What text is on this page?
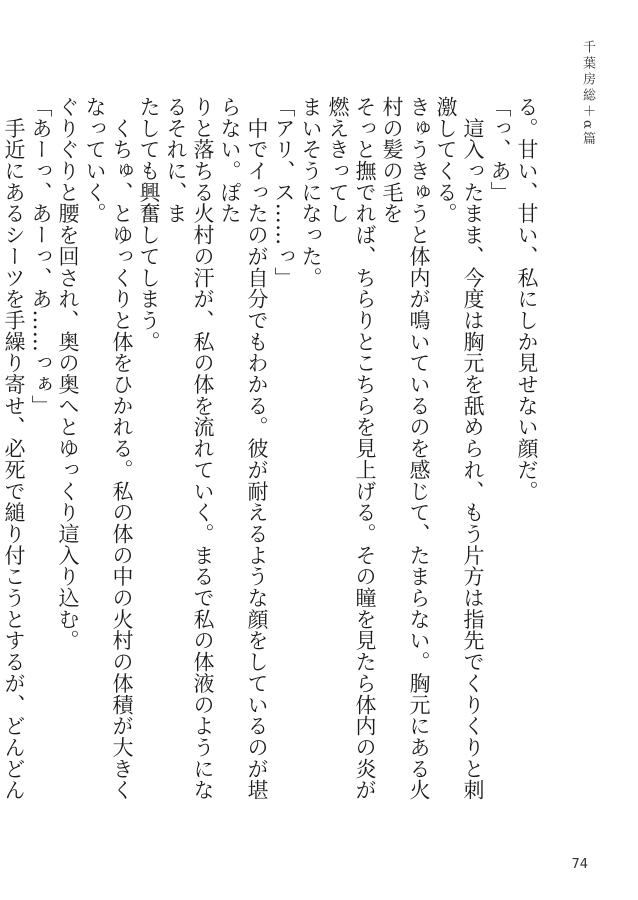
千葉房総＋α篇

る。甘い、甘い、私にしか見せない顔だ。

「っ、あ」

　這入ったまま、今度は胸元を舐められ、もう片方は指先でくりくりと刺激してくる。

きゅうきゅうと体内が鳴いているのを感じて、たまらない。胸元にある火村の髪の毛を

そっと撫でれば、ちらりとこちらを見上げる。その瞳を見たら体内の炎が燃えきってし

まいそうになった。

「アリ、ス……っ」

　中でイったのが自分でもわかる。彼が耐えるような顔をしているのが堪らない。ぽた

りと落ちる火村の汗が、私の体を流れていく。まるで私の体液のようになるそれに、ま

たしても興奮してしまう。

　くちゅ、とゆっくりと体をひかれる。私の体の中の火村の体積が大きくなっていく。

ぐりぐりと腰を回され、奥の奥へとゆっくり這入り込む。

「あーっ、あーっ、あ……っぁ」

　手近にあるシーツを手繰り寄せ、必死で縋り付こうとするが、どんどん

74
